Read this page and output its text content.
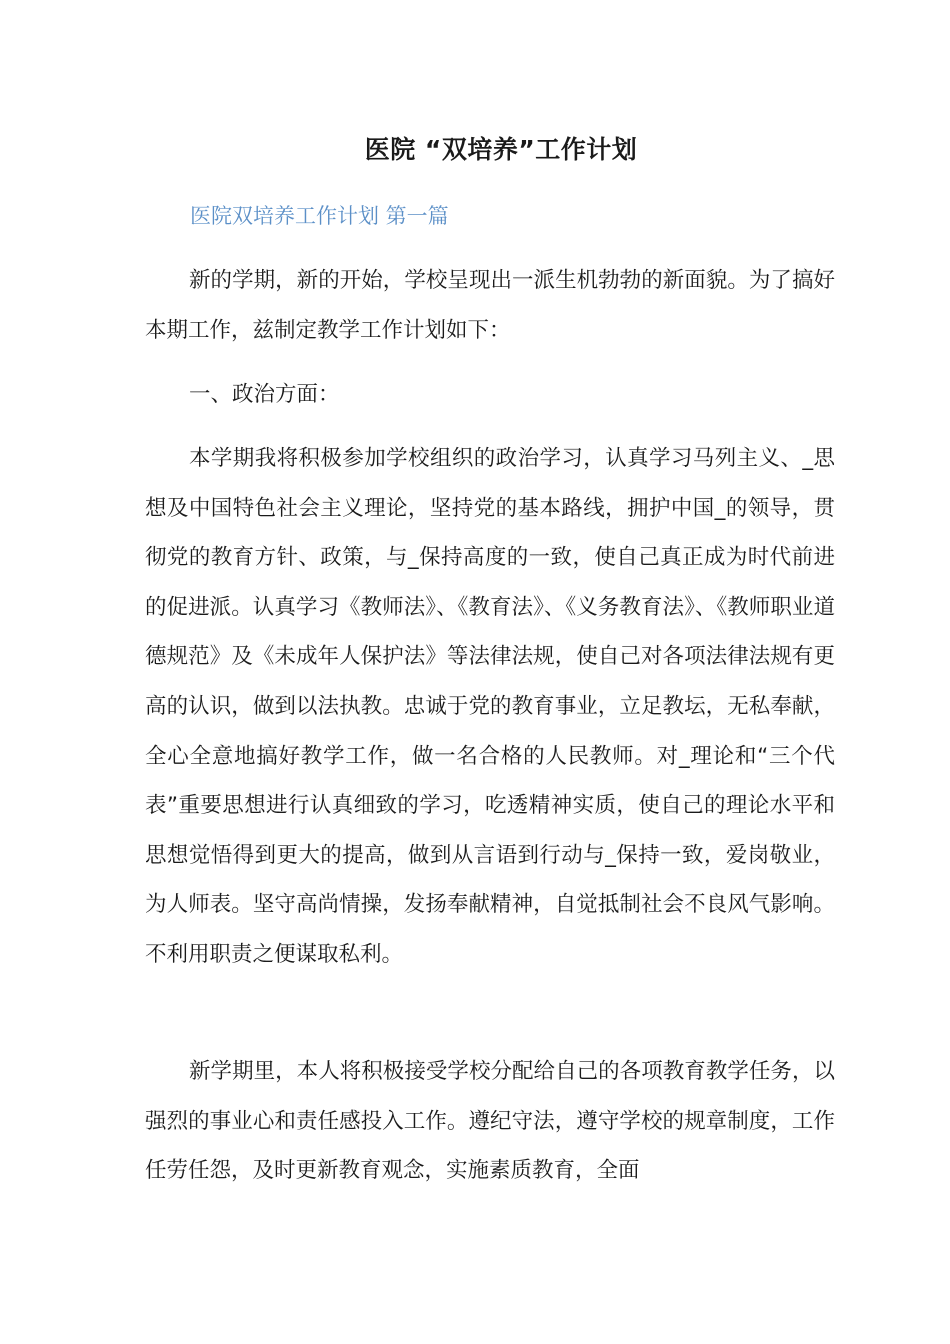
医院 “双培养”工作计划
医院双培养工作计划 第一篇

新的学期，新的开始，学校呈现出一派生机勃勃的新面貌。为了搞好本期工作，兹制定教学工作计划如下：

一、政治方面：

本学期我将积极参加学校组织的政治学习，认真学习马列主义、_思想及中国特色社会主义理论，坚持党的基本路线，拥护中国_的领导，贯彻党的教育方针、政策，与_保持高度的一致，使自己真正成为时代前进的促进派。认真学习《教师法》、《教育法》、《义务教育法》、《教师职业道德规范》及《未成年人保护法》等法律法规，使自己对各项法律法规有更高的认识，做到以法执教。忠诚于党的教育事业，立足教坛，无私奉献，全心全意地搞好教学工作，做一名合格的人民教师。对_理论和“三个代表”重要思想进行认真细致的学习，吃透精神实质，使自己的理论水平和思想觉悟得到更大的提高，做到从言语到行动与_保持一致，爱岗敬业，为人师表。坚守高尚情操，发扬奉献精神，自觉抵制社会不良风气影响。不利用职责之便谋取私利。

新学期里，本人将积极接受学校分配给自己的各项教育教学任务，以强烈的事业心和责任感投入工作。遵纪守法，遵守学校的规章制度，工作任劳任怨，及时更新教育观念，实施素质教育，全面
